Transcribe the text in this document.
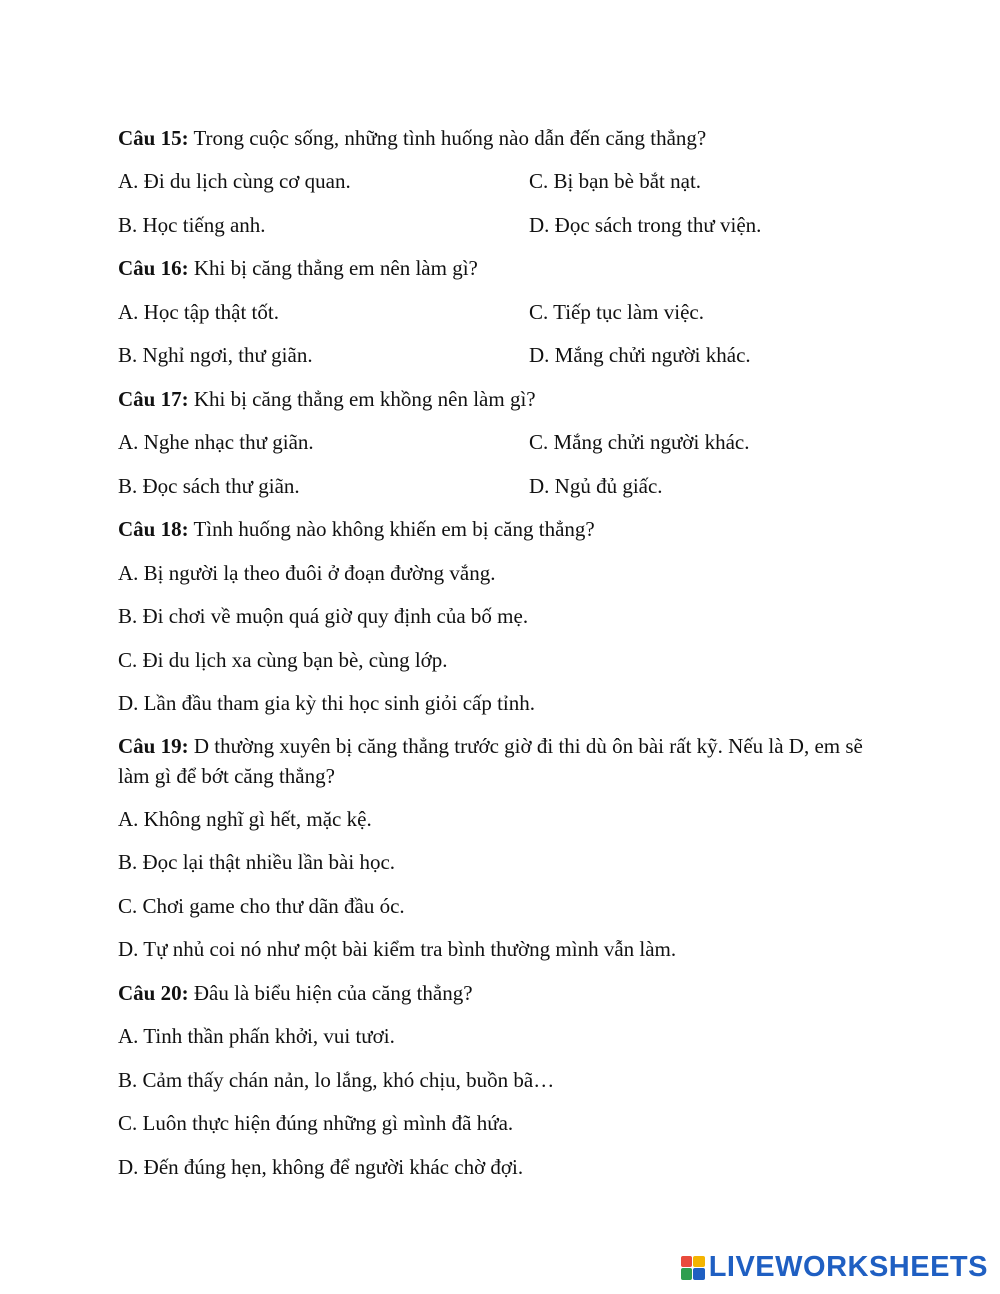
Câu 15: Trong cuộc sống, những tình huống nào dẫn đến căng thẳng?
A. Đi du lịch cùng cơ quan.	C. Bị bạn bè bắt nạt.
B. Học tiếng anh.	D. Đọc sách trong thư viện.
Câu 16: Khi bị căng thẳng em nên làm gì?
A. Học tập thật tốt.	C. Tiếp tục làm việc.
B. Nghỉ ngơi, thư giãn.	D. Mắng chửi người khác.
Câu 17: Khi bị căng thẳng em khồng nên làm gì?
A. Nghe nhạc thư giãn.	C. Mắng chửi người khác.
B. Đọc sách thư giãn.	D. Ngủ đủ giấc.
Câu 18: Tình huống nào không khiến em bị căng thẳng?
A. Bị người lạ theo đuôi ở đoạn đường vắng.
B. Đi chơi về muộn quá giờ quy định của bố mẹ.
C. Đi du lịch xa cùng bạn bè, cùng lớp.
D. Lần đầu tham gia kỳ thi học sinh giỏi cấp tỉnh.
Câu 19: D thường xuyên bị căng thẳng trước giờ đi thi dù ôn bài rất kỹ. Nếu là D, em sẽ làm gì để bớt căng thẳng?
A. Không nghĩ gì hết, mặc kệ.
B. Đọc lại thật nhiều lần bài học.
C. Chơi game cho thư dãn đầu óc.
D. Tự nhủ coi nó như một bài kiểm tra bình thường mình vẫn làm.
Câu 20: Đâu là biểu hiện của căng thẳng?
A. Tinh thần phấn khởi, vui tươi.
B. Cảm thấy chán nản, lo lắng, khó chịu, buồn bã…
C. Luôn thực hiện đúng những gì mình đã hứa.
D. Đến đúng hẹn, không để người khác chờ đợi.
LIVEWORKSHEETS
